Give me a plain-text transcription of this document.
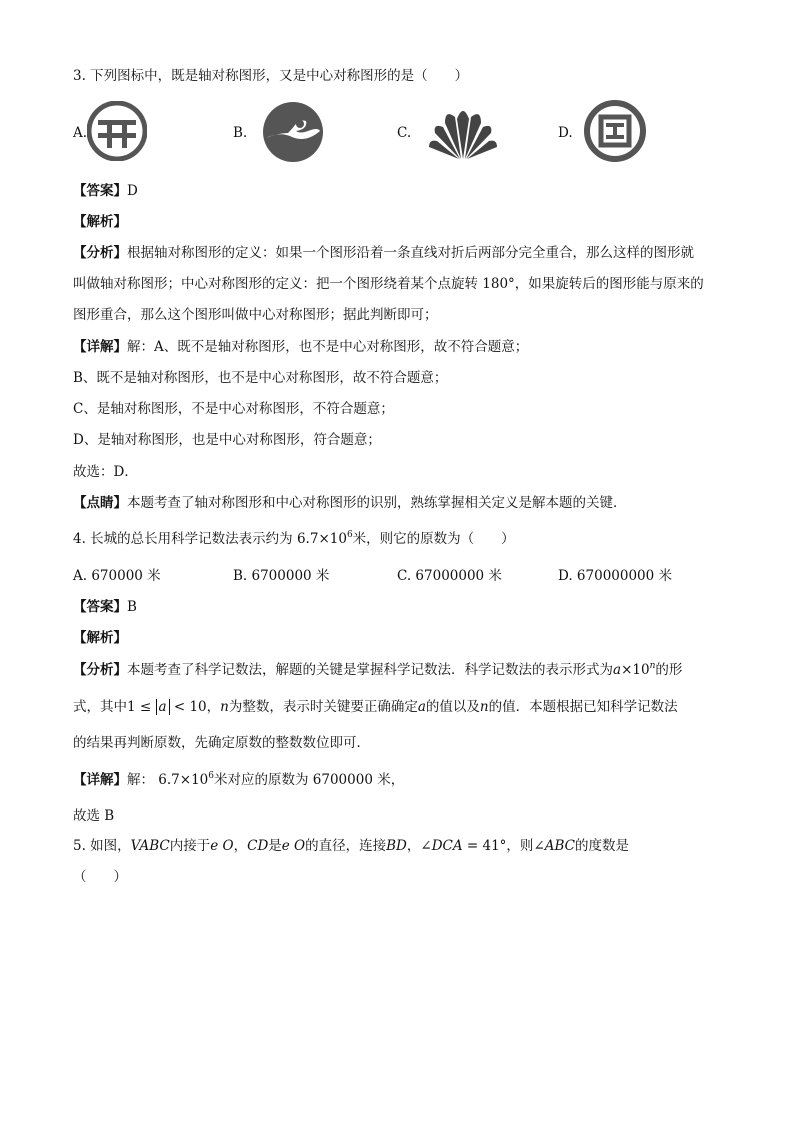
3. 下列图标中，既是轴对称图形，又是中心对称图形的是（　　）
A.	B.	C.	D.
【答案】D
【解析】
【分析】根据轴对称图形的定义：如果一个图形沿着一条直线对折后两部分完全重合，那么这样的图形就
叫做轴对称图形；中心对称图形的定义：把一个图形绕着某个点旋转 180°，如果旋转后的图形能与原来的
图形重合，那么这个图形叫做中心对称图形；据此判断即可；
【详解】解：A、既不是轴对称图形，也不是中心对称图形，故不符合题意；
B、既不是轴对称图形，也不是中心对称图形，故不符合题意；
C、是轴对称图形，不是中心对称图形，不符合题意；
D、是轴对称图形，也是中心对称图形，符合题意；
故选：D．
【点睛】本题考查了轴对称图形和中心对称图形的识别，熟练掌握相关定义是解本题的关键．
4. 长城的总长用科学记数法表示约为 $6.7\times 10^6$米，则它的原数为（　　）
A. 670000 米	B. 6700000 米	C. 67000000 米	D. 670000000 米
【答案】B
【解析】
【分析】本题考查了科学记数法，解题的关键是掌握科学记数法．科学记数法的表示形式为$a\times 10^n$的形
式，其中1 ≤ a < 10，n为整数，表示时关键要正确确定a的值以及n的值．本题根据已知科学记数法
的结果再判断原数，先确定原数的整数数位即可．
【详解】解： $6.7\times 10^6$米对应的原数为 6700000 米，
故选 B
5. 如图，VABC内接于e O，CD是e O的直径，连接BD，∠DCA = 41°，则∠ABC的度数是
（　　）
